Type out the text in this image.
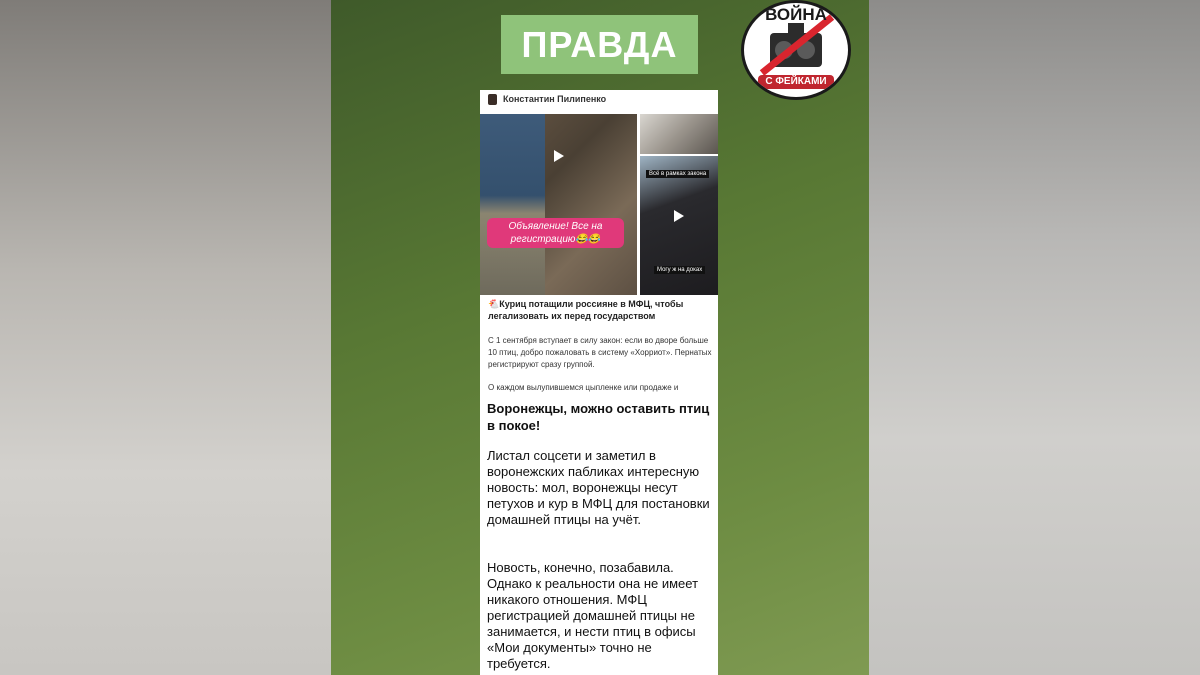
ПРАВДА
ВОЙНА
С ФЕЙКАМИ
Константин Пилипенко
Объявление! Все на регистрацию😂😂
Всё в рамках закона
Могу ж на доках
🐔Куриц потащили россияне в МФЦ, чтобы легализовать их перед государством
С 1 сентября вступает в силу закон: если во дворе больше 10 птиц, добро пожаловать в систему «Хорриот». Пернатых регистрируют сразу группой.
О каждом вылупившемся цыпленке или продаже и
Воронежцы, можно оставить птиц в покое!
Листал соцсети и заметил в воронежских пабликах интересную новость: мол, воронежцы несут петухов и кур в МФЦ для постановки домашней птицы на учёт.
Новость, конечно, позабавила. Однако к реальности она не имеет никакого отношения. МФЦ регистрацией домашней птицы не занимается, и нести птиц в офисы «Мои документы» точно не требуется.
